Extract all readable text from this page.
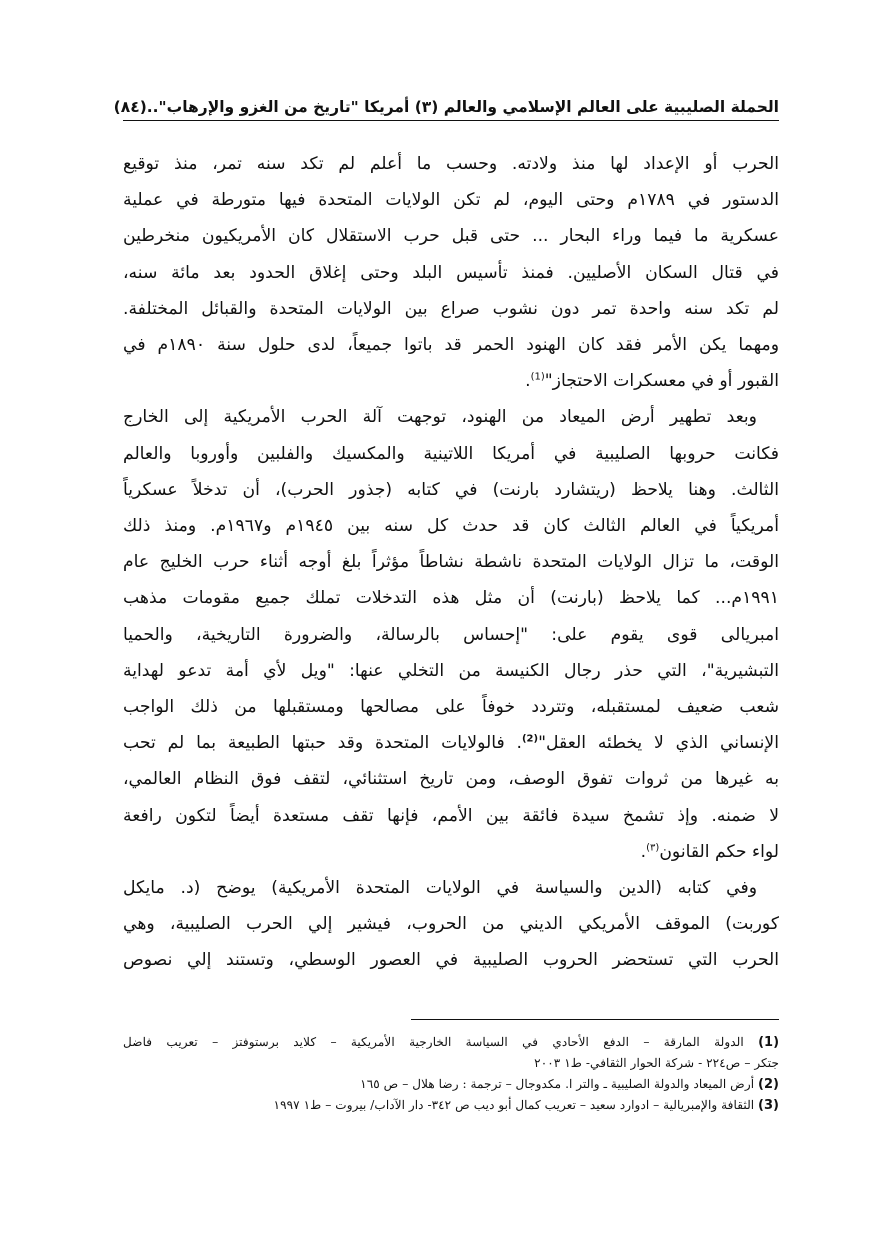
الحملة الصليبية على العالم الإسلامي والعالم (٣) أمريكا "تاريخ من الغزو والإرهاب"..
(٨٤)

الحرب أو الإعداد لها منذ ولادته. وحسب ما أعلم لم تكد سنه تمر، منذ توقيع
الدستور في ١٧٨٩م وحتى اليوم، لم تكن الولايات المتحدة فيها متورطة في عملية
عسكرية ما فيما وراء البحار ... حتى قبل حرب الاستقلال كان الأمريكيون منخرطين
في قتال السكان الأصليين. فمنذ تأسيس البلد وحتى إغلاق الحدود بعد مائة سنه،
لم تكد سنه واحدة تمر دون نشوب صراع بين الولايات المتحدة والقبائل المختلفة.
ومهما يكن الأمر فقد كان الهنود الحمر قد باتوا جميعاً، لدى حلول سنة ١٨٩٠م في
القبور أو في معسكرات الاحتجاز"$^{(1)}$.

وبعد تطهير أرض الميعاد من الهنود، توجهت آلة الحرب الأمريكية إلى الخارج
فكانت حروبها الصليبية في أمريكا اللاتينية والمكسيك والفلبين وأوروبا والعالم
الثالث. وهنا يلاحظ (ريتشارد بارنت) في كتابه (جذور الحرب)، أن تدخلاً عسكرياً
أمريكياً في العالم الثالث كان قد حدث كل سنه بين ١٩٤٥م و١٩٦٧م. ومنذ ذلك
الوقت، ما تزال الولايات المتحدة ناشطة نشاطاً مؤثراً بلغ أوجه أثناء حرب الخليج عام
١٩٩١م... كما يلاحظ (بارنت) أن مثل هذه التدخلات تملك جميع مقومات مذهب
امبريالى قوى يقوم على: "إحساس بالرسالة، والضرورة التاريخية، والحميا
التبشيرية"، التي حذر رجال الكنيسة من التخلي عنها: "ويل لأي أمة تدعو لهداية
شعب ضعيف لمستقبله، وتتردد خوفاً على مصالحها ومستقبلها من ذلك الواجب
الإنساني الذي لا يخطئه العقل"$^{(2)}$. فالولايات المتحدة وقد حبتها الطبيعة بما لم تحب
به غيرها من ثروات تفوق الوصف، ومن تاريخ استثنائي، لتقف فوق النظام العالمي،
لا ضمنه. وإذ تشمخ سيدة فائقة بين الأمم، فإنها تقف مستعدة أيضاً لتكون رافعة
لواء حكم القانون$^{(٣)}$.

وفي كتابه (الدين والسياسة في الولايات المتحدة الأمريكية) يوضح (د. مايكل
كوربت) الموقف الأمريكي الديني من الحروب، فيشير إلي الحرب الصليبية، وهي
الحرب التي تستحضر الحروب الصليبية في العصور الوسطي، وتستند إلي نصوص

(1) الدولة المارقة – الدفع الأحادي في السياسة الخارجية الأمريكية – كلايد برستوفتز – تعريب فاضل
جتكر – ص٢٢٤ - شركة الحوار الثقافي- ط١ ٢٠٠٣
(2) أرض الميعاد والدولة الصليبية ـ والتر ا. مكدوجال – ترجمة : رضا هلال – ص ١٦٥
(3) الثقافة والإمبريالية – ادوارد سعيد – تعريب كمال أبو ديب ص ٣٤٢- دار الآداب/ بيروت – ط١ ١٩٩٧
